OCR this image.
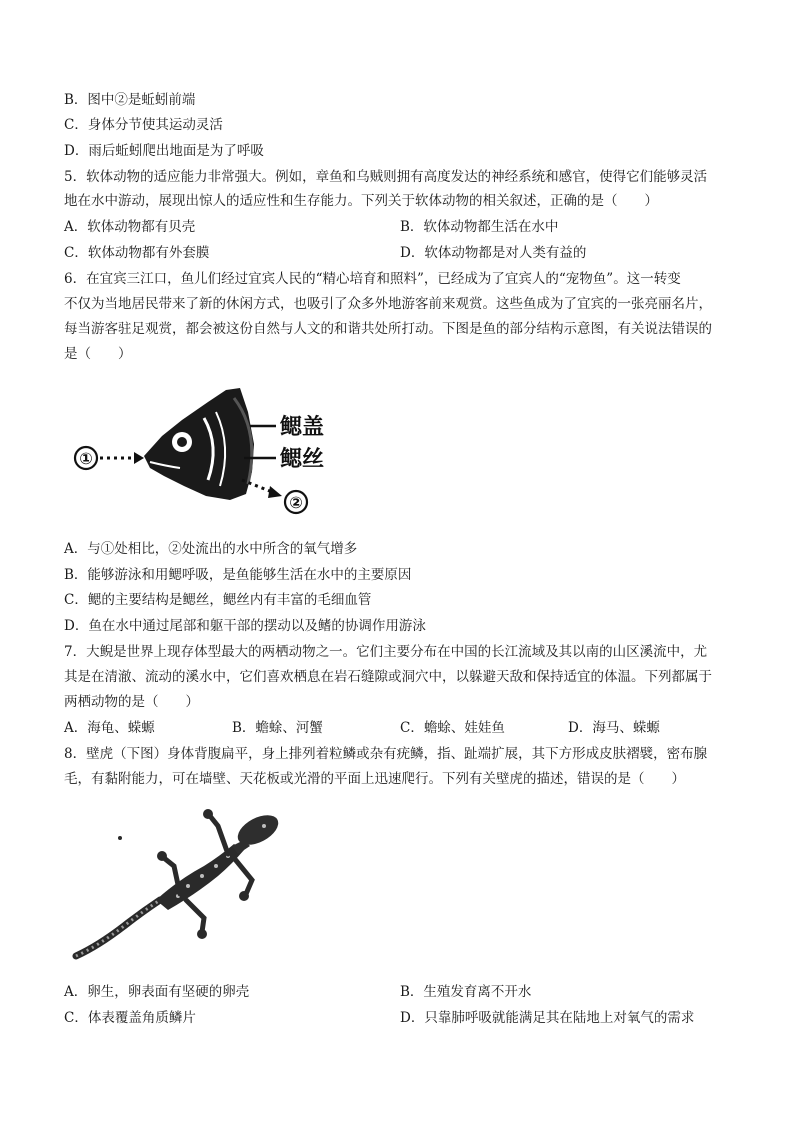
B．图中②是蚯蚓前端
C．身体分节使其运动灵活
D．雨后蚯蚓爬出地面是为了呼吸
5．软体动物的适应能力非常强大。例如，章鱼和乌贼则拥有高度发达的神经系统和感官，使得它们能够灵活
地在水中游动，展现出惊人的适应性和生存能力。下列关于软体动物的相关叙述，正确的是（　　）
A．软体动物都有贝壳	B．软体动物都生活在水中
C．软体动物都有外套膜	D．软体动物都是对人类有益的
6．在宜宾三江口，鱼儿们经过宜宾人民的“精心培育和照料”，已经成为了宜宾人的“宠物鱼”。这一转变
不仅为当地居民带来了新的休闲方式，也吸引了众多外地游客前来观赏。这些鱼成为了宜宾的一张亮丽名片，
每当游客驻足观赏，都会被这份自然与人文的和谐共处所打动。下图是鱼的部分结构示意图，有关说法错误的
是（　　）
①
鳃盖
鳃丝
②
A．与①处相比，②处流出的水中所含的氧气增多
B．能够游泳和用鳃呼吸，是鱼能够生活在水中的主要原因
C．鳃的主要结构是鳃丝，鳃丝内有丰富的毛细血管
D．鱼在水中通过尾部和躯干部的摆动以及鳍的协调作用游泳
7．大鲵是世界上现存体型最大的两栖动物之一。它们主要分布在中国的长江流域及其以南的山区溪流中，尤
其是在清澈、流动的溪水中，它们喜欢栖息在岩石缝隙或洞穴中，以躲避天敌和保持适宜的体温。下列都属于
两栖动物的是（　　）
A．海龟、蝾螈	B．蟾蜍、河蟹	C．蟾蜍、娃娃鱼	D．海马、蝾螈
8．壁虎（下图）身体背腹扁平，身上排列着粒鳞或杂有疣鳞，指、趾端扩展，其下方形成皮肤褶襞，密布腺
毛，有黏附能力，可在墙壁、天花板或光滑的平面上迅速爬行。下列有关壁虎的描述，错误的是（　　）
A．卵生，卵表面有坚硬的卵壳	B．生殖发育离不开水
C．体表覆盖角质鳞片	D．只靠肺呼吸就能满足其在陆地上对氧气的需求
